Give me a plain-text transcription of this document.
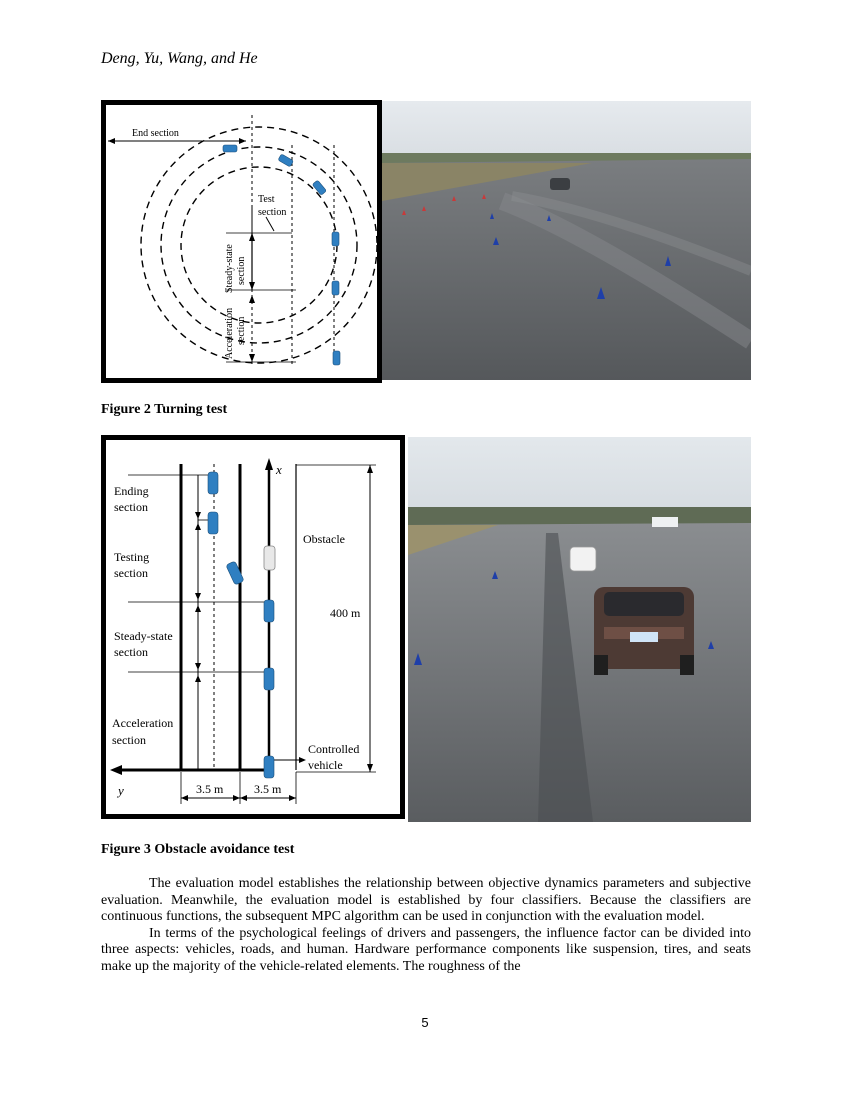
Deng, Yu, Wang, and He
End section
Test
section
Steady-state section
Acceleration section
Figure 2 Turning test
x
y	3.5 m	3.5 m
Ending
section
Testing
section
Steady-state
section
Acceleration
section
Obstacle
400 m
Controlled
vehicle
Figure 3 Obstacle avoidance test

The evaluation model establishes the relationship between objective dynamics parameters and subjective evaluation. Meanwhile, the evaluation model is established by four classifiers. Because the classifiers are continuous functions, the subsequent MPC algorithm can be used in conjunction with the evaluation model.

In terms of the psychological feelings of drivers and passengers, the influence factor can be divided into three aspects: vehicles, roads, and human. Hardware performance components like suspension, tires, and seats make up the majority of the vehicle-related elements. The roughness of the

5
